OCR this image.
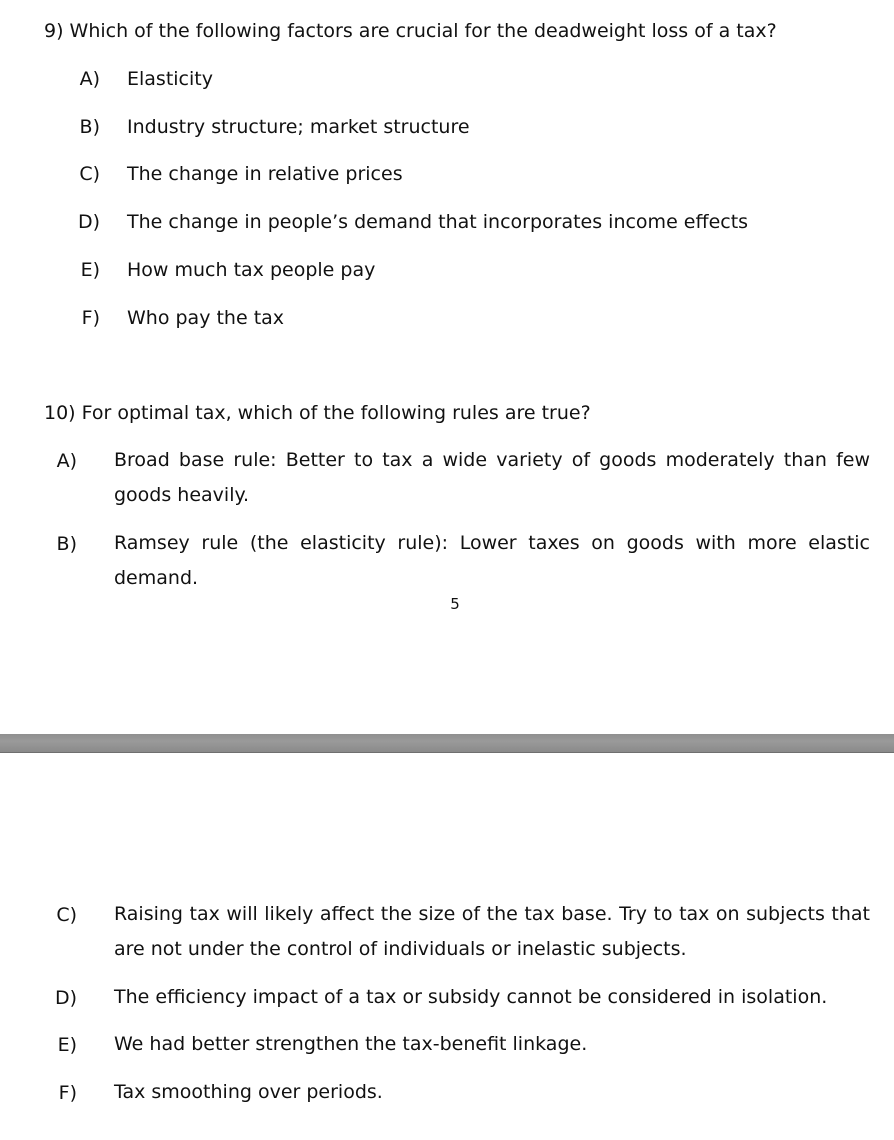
9) Which of the following factors are crucial for the deadweight loss of a tax?
A) Elasticity
B) Industry structure; market structure
C) The change in relative prices
D) The change in people’s demand that incorporates income effects
E) How much tax people pay
F) Who pay the tax
10) For optimal tax, which of the following rules are true?
A) Broad base rule: Better to tax a wide variety of goods moderately than few goods heavily.
B) Ramsey rule (the elasticity rule): Lower taxes on goods with more elastic demand.
5
C) Raising tax will likely affect the size of the tax base. Try to tax on subjects that are not under the control of individuals or inelastic subjects.
D) The efficiency impact of a tax or subsidy cannot be considered in isolation.
E) We had better strengthen the tax-benefit linkage.
F) Tax smoothing over periods.
